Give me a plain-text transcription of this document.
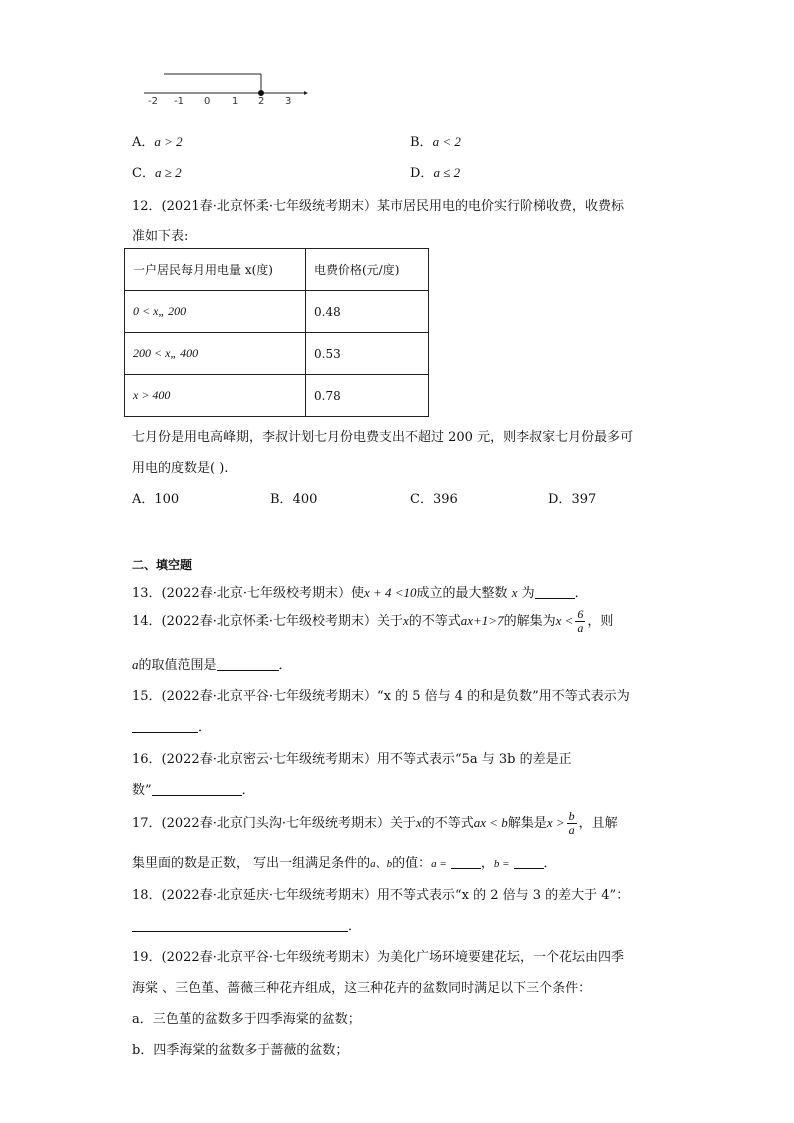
-2 -1 0 1 2 3
A．a > 2	B．a < 2
C．a ≥ 2	D．a ≤ 2
12．(2021春·北京怀柔·七年级统考期末）某市居民用电的电价实行阶梯收费，收费标
准如下表:
一户居民每月用电量 x(度)	电费价格(元/度)
0 < x„ 200	0.48
200 < x„ 400	0.53
x > 400	0.78
七月份是用电高峰期，李叔计划七月份电费支出不超过 200 元，则李叔家七月份最多可
用电的度数是( ).
A．100	B．400	C．396	D．397
二、填空题
13．(2022春·北京·七年级校考期末）使x + 4 <10成立的最大整数 x 为	．
14．(2022春·北京怀柔·七年级校考期末）关于x的不等式ax+1>7的解集为$x < \frac{6}{a}$ ，则
a的取值范围是	．
15．(2022春·北京平谷·七年级统考期末）“x 的 5 倍与 4 的和是负数”用不等式表示为
．
16．(2022春·北京密云·七年级统考期末）用不等式表示“5a 与 3b 的差是正
数”	．
17．(2022春·北京门头沟·七年级统考期末）关于x的不等式ax < b解集是$x > \frac{b}{a}$ ，且解
集里面的数是正数， 写出一组满足条件的a、b的值：a =	，b =	．
18．(2022春·北京延庆·七年级统考期末）用不等式表示“x 的 2 倍与 3 的差大于 4”：
．
19．(2022春·北京平谷·七年级统考期末）为美化广场环境要建花坛，一个花坛由四季
海棠 、三色堇、蔷薇三种花卉组成，这三种花卉的盆数同时满足以下三个条件：
a．三色堇的盆数多于四季海棠的盆数；
b．四季海棠的盆数多于蔷薇的盆数；
